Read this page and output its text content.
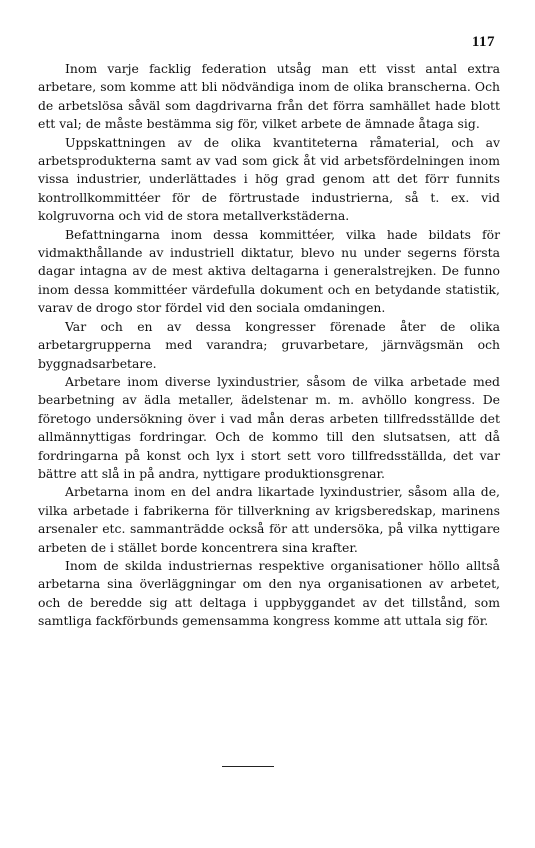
117

Inom varje facklig federation utsåg man ett visst antal extra arbetare, som komme att bli nödvändiga inom de olika branscherna. Och de arbetslösa såväl som dagdrivarna från det förra samhället hade blott ett val; de måste bestämma sig för, vilket arbete de ämnade åtaga sig.

Uppskattningen av de olika kvantiteterna råmaterial, och av arbetsprodukterna samt av vad som gick åt vid arbetsfördelningen inom vissa industrier, underlättades i hög grad genom att det förr funnits kontrollkommittéer för de förtrustade industrierna, så t. ex. vid kolgruvorna och vid de stora metallverkstäderna.

Befattningarna inom dessa kommittéer, vilka hade bildats för vidmakthållande av industriell diktatur, blevo nu under segerns första dagar intagna av de mest aktiva deltagarna i generalstrejken. De funno inom dessa kommittéer värdefulla dokument och en betydande statistik, varav de drogo stor fördel vid den sociala omdaningen.

Var och en av dessa kongresser förenade åter de olika arbetargrupperna med varandra; gruvarbetare, järnvägsmän och byggnadsarbetare.

Arbetare inom diverse lyxindustrier, såsom de vilka arbetade med bearbetning av ädla metaller, ädelstenar m. m. avhöllo kongress. De företogo undersökning över i vad mån deras arbeten tillfredsställde det allmännyttigas fordringar. Och de kommo till den slutsatsen, att då fordringarna på konst och lyx i stort sett voro tillfredsställda, det var bättre att slå in på andra, nyttigare produktionsgrenar.

Arbetarna inom en del andra likartade lyxindustrier, såsom alla de, vilka arbetade i fabrikerna för tillverkning av krigsberedskap, marinens arsenaler etc. sammanträdde också för att undersöka, på vilka nyttigare arbeten de i stället borde koncentrera sina krafter.

Inom de skilda industriernas respektive organisationer höllo alltså arbetarna sina överläggningar om den nya organisationen av arbetet, och de beredde sig att deltaga i uppbyggandet av det tillstånd, som samtliga fackförbunds gemensamma kongress komme att uttala sig för.
